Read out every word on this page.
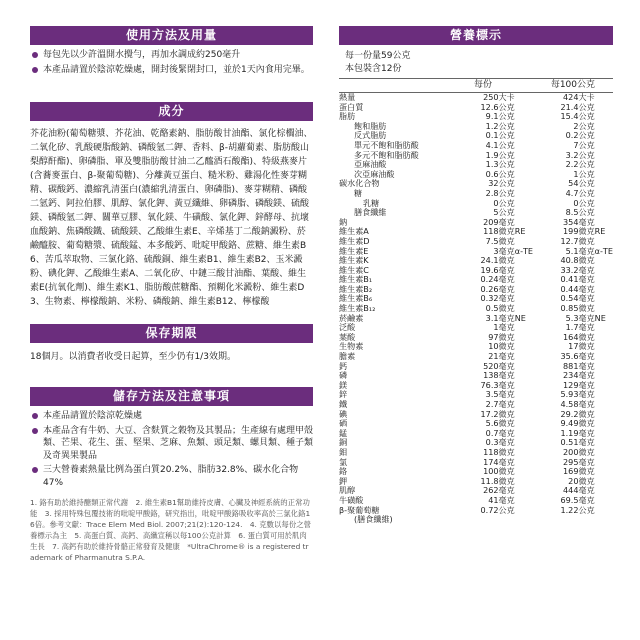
使用方法及用量
每包先以少許溫開水攪勻，再加水調成約250毫升
本產品請置於陰涼乾燥處，開封後緊閉封口，並於1天內食用完畢。
成分
芥花油粉(葡萄糖漿、芥花油、乾酪素鈉、脂肪酸甘油酯、氯化棕櫚油、二氧化矽、乳酸硬脂酸鈉、磷酸氫二鉀、香料、β-胡蘿蔔素、脂肪酸山梨醇酐酯)、卵磷脂、單及雙脂肪酸甘油二乙醯酒石酸酯)、特級燕麥片(含蕎麥蛋白、β-聚葡萄糖)、分離黃豆蛋白、糙米粉、雞湯化性麥芽糊精、碳酸鈣、濃縮乳清蛋白(濃縮乳清蛋白、卵磷脂)、麥芽糊精、磷酸二氫鈣、阿拉伯膠、肌醇、氯化鉀、黃豆纖維、卵磷脂、磷酸鎂、硫酸鎂、磷酸氫二鉀、關華豆膠、氧化鎂、牛磺酸、氯化鉀、鋅酵母、抗壞血酸鈉、焦磷酸鐵、硫酸鎂、乙酸維生素E、辛烯基丁二酸鈉澱粉、菸鹼醯胺、葡萄糖漿、硫酸錳、本多酸鈣、吡啶甲酸鉻、蔗糖、維生素B6、苦瓜萃取物、三氯化鉻、硫酸銅、維生素B1、維生素B2、玉米澱粉、碘化鉀、乙酸維生素A、二氧化矽、中鏈三酸甘油酯、葉酸、維生素E(抗氧化劑)、維生素K1、脂肪酸蔗糖酯、預糊化米澱粉、維生素D3、生物素、檸檬酸鈉、米粉、磷酸鈉、維生素B12、檸檬酸
保存期限
18個月。以消費者收受日起算，至少仍有1/3效期。
儲存方法及注意事項
本產品請置於陰涼乾燥處
本產品含有牛奶、大豆、含麩質之穀物及其製品；生產線有處理甲殼類、芒果、花生、蛋、堅果、芝麻、魚類、頭足類、螺貝類、種子類及奇異果製品
三大營養素熱量比例為蛋白質20.2%、脂肪32.8%、碳水化合物47%
1. 鉻有助於維持醣類正常代謝　2. 維生素B1幫助維持皮膚、心臟及神經系統的正常功能　3. 採用特殊包覆技術的吡啶甲酸鉻，研究指出，吡啶甲酸鉻吸收率高於三氯化鉻16倍。參考文獻：Trace Elem Med Biol. 2007;21(2):120-124.　4. 克數以每份之營養標示為主　5. 高蛋白質、高鈣、高纖宣稱以每100公克計算　6. 蛋白質可用於肌肉生長　7. 高鈣有助於維持骨骼正常發育及健康　*UltraChrome® is a registered trademark of Pharmanutra S.P.A.
營養標示
每一份量59公克
本包裝含12份
每份	每100公克
熱量	250	大卡	424	大卡
蛋白質	12.6	公克	21.4	公克
脂肪	9.1	公克	15.4	公克
飽和脂肪	1.2	公克	2	公克
反式脂肪	0.1	公克	0.2	公克
單元不飽和脂肪酸	4.1	公克	7	公克
多元不飽和脂肪酸	1.9	公克	3.2	公克
亞麻油酸	1.3	公克	2.2	公克
次亞麻油酸	0.6	公克	1	公克
碳水化合物	32	公克	54	公克
糖	2.8	公克	4.7	公克
乳糖	0	公克	0	公克
膳食纖維	5	公克	8.5	公克
鈉	209	毫克	354	毫克
維生素A	118	微克RE	199	微克RE
維生素D	7.5	微克	12.7	微克
維生素E	3	毫克α-TE	5.1	毫克α-TE
維生素K	24.1	微克	40.8	微克
維生素C	19.6	毫克	33.2	毫克
維生素B₁	0.24	毫克	0.41	毫克
維生素B₂	0.26	毫克	0.44	毫克
維生素B₆	0.32	毫克	0.54	毫克
維生素B₁₂	0.5	微克	0.85	微克
菸鹼素	3.1	毫克NE	5.3	毫克NE
泛酸	1	毫克	1.7	毫克
葉酸	97	微克	164	微克
生物素	10	微克	17	微克
膽素	21	毫克	35.6	毫克
鈣	520	毫克	881	毫克
磷	138	毫克	234	毫克
鎂	76.3	毫克	129	毫克
鋅	3.5	毫克	5.93	毫克
鐵	2.7	毫克	4.58	毫克
碘	17.2	微克	29.2	微克
硒	5.6	微克	9.49	微克
錳	0.7	毫克	1.19	毫克
銅	0.3	毫克	0.51	毫克
鉬	118	微克	200	微克
氯	174	毫克	295	毫克
鉻	100	微克	169	微克
鉀	11.8	微克	20	微克
肌醇	262	毫克	444	毫克
牛磺酸	41	毫克	69.5	毫克
β-聚葡萄糖	0.72	公克	1.22	公克
(膳食纖維)				
